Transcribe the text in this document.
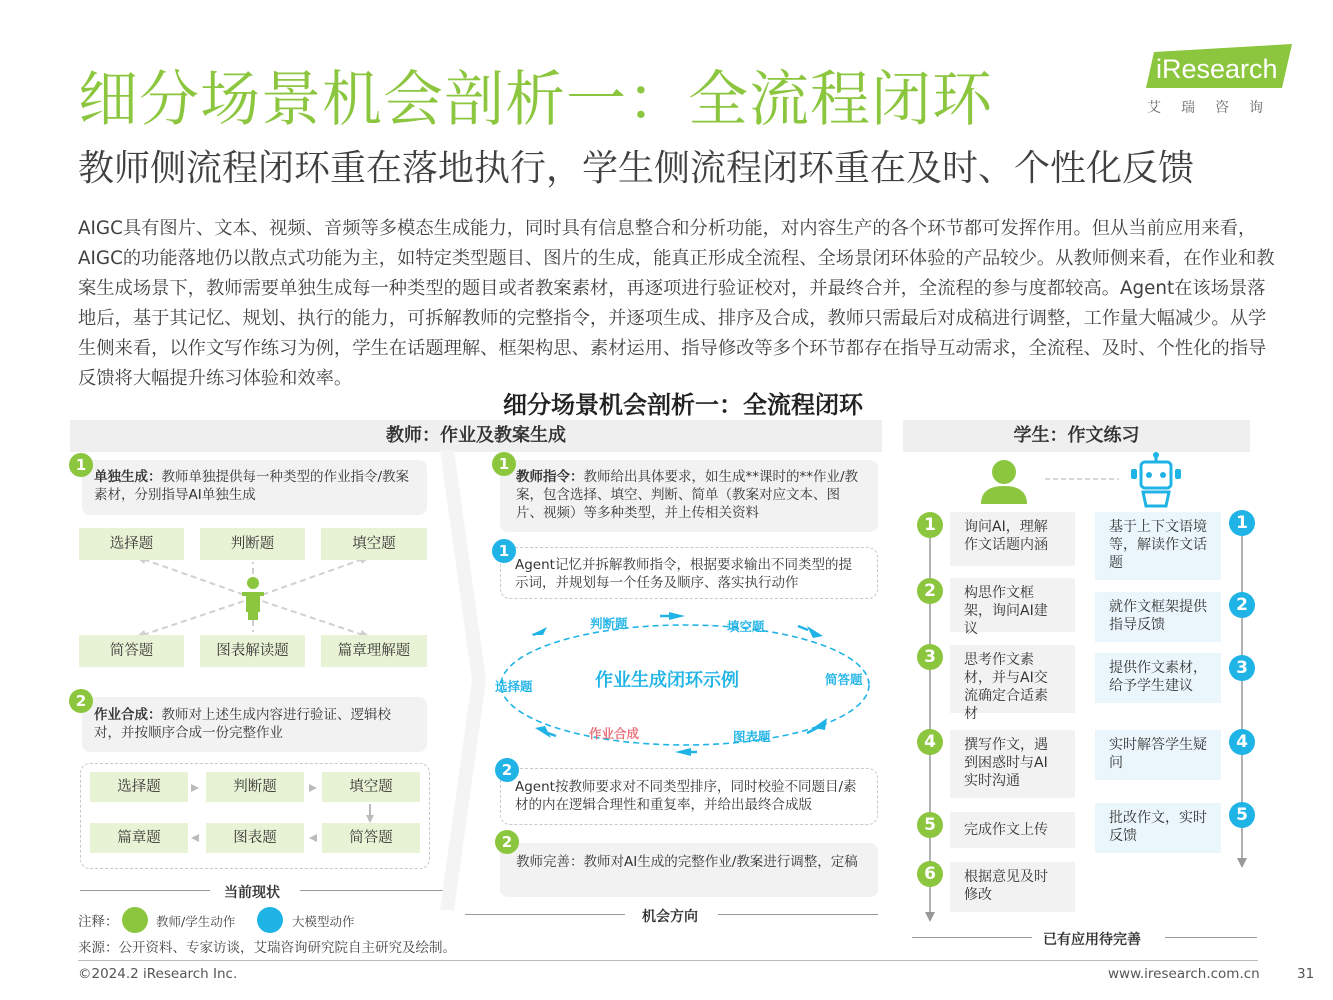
细分场景机会剖析一：全流程闭环
教师侧流程闭环重在落地执行，学生侧流程闭环重在及时、个性化反馈
iResearch
艾瑞咨询
AIGC具有图片、文本、视频、音频等多模态生成能力，同时具有信息整合和分析功能，对内容生产的各个环节都可发挥作用。但从当前应用来看，AIGC的功能落地仍以散点式功能为主，如特定类型题目、图片的生成，能真正形成全流程、全场景闭环体验的产品较少。从教师侧来看，在作业和教案生成场景下，教师需要单独生成每一种类型的题目或者教案素材，再逐项进行验证校对，并最终合并，全流程的参与度都较高。Agent在该场景落地后，基于其记忆、规划、执行的能力，可拆解教师的完整指令，并逐项生成、排序及合成，教师只需最后对成稿进行调整，工作量大幅减少。从学生侧来看，以作文写作练习为例，学生在话题理解、框架构思、素材运用、指导修改等多个环节都存在指导互动需求，全流程、及时、个性化的指导反馈将大幅提升练习体验和效率。
细分场景机会剖析一：全流程闭环
教师：作业及教案生成	学生：作文练习
单独生成：教师单独提供每一种类型的作业指令/教案素材，分别指导AI单独生成
1
选择题	判断题	填空题
简答题	图表解读题	篇章理解题
作业合成：教师对上述生成内容进行验证、逻辑校对，并按顺序合成一份完整作业
2
选择题	判断题	填空题
篇章题	图表题	简答题
当前现状
教师指令：教师给出具体要求，如生成**课时的**作业/教案，包含选择、填空、判断、简单（教案对应文本、图片、视频）等多种类型，并上传相关资料
1
Agent记忆并拆解教师指令，根据要求输出不同类型的提示词，并规划每一个任务及顺序、落实执行动作
1
作业生成闭环示例
判断题	填空题
简答题
图表题
作业合成
选择题
Agent按教师要求对不同类型排序，同时校验不同题目/素材的内在逻辑合理性和重复率，并给出最终合成版
2
教师完善：教师对AI生成的完整作业/教案进行调整，定稿
2
机会方向
询问AI，理解作文话题内涵
构思作文框架，询问AI建议
思考作文素材，并与AI交流确定合适素材
撰写作文，遇到困惑时与AI实时沟通
完成作文上传
根据意见及时修改
1
2
3
4
5
6
基于上下文语境等，解读作文话题
就作文框架提供指导反馈
提供作文素材，给予学生建议
实时解答学生疑问
批改作文，实时反馈
1
2
3
4
5
已有应用待完善
注释：	教师/学生动作	大模型动作
来源：公开资料、专家访谈，艾瑞咨询研究院自主研究及绘制。
©2024.2 iResearch Inc.	www.iresearch.com.cn	31
